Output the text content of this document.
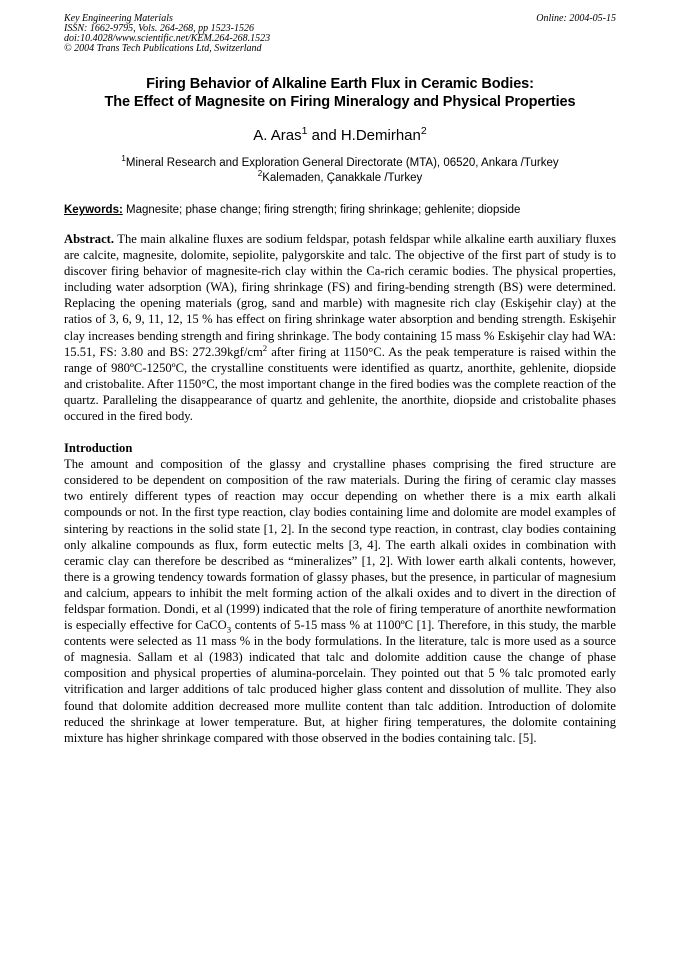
Key Engineering Materials
ISSN: 1662-9795, Vols. 264-268, pp 1523-1526
doi:10.4028/www.scientific.net/KEM.264-268.1523
© 2004 Trans Tech Publications Ltd, Switzerland
Online: 2004-05-15
Firing Behavior of Alkaline Earth Flux in Ceramic Bodies:
The Effect of Magnesite on Firing Mineralogy and Physical Properties
A. Aras$^1$ and H.Demirhan$^2$
$^1$Mineral Research and Exploration General Directorate (MTA), 06520, Ankara /Turkey
$^2$Kalemaden, Çanakkale /Turkey
Keywords: Magnesite; phase change; firing strength; firing shrinkage; gehlenite; diopside
Abstract. The main alkaline fluxes are sodium feldspar, potash feldspar while alkaline earth auxiliary fluxes are calcite, magnesite, dolomite, sepiolite, palygorskite and talc. The objective of the first part of study is to discover firing behavior of magnesite-rich clay within the Ca-rich ceramic bodies. The physical properties, including water adsorption (WA), firing shrinkage (FS) and firing-bending strength (BS) were determined. Replacing the opening materials (grog, sand and marble) with magnesite rich clay (Eskişehir clay) at the ratios of 3, 6, 9, 11, 12, 15 % has effect on firing shrinkage water absorption and bending strength. Eskişehir clay increases bending strength and firing shrinkage. The body containing 15 mass % Eskişehir clay had WA: 15.51, FS: 3.80 and BS: $272.39kgf/cm^2$ after firing at 1150°C. As the peak temperature is raised within the range of 980ºC-1250ºC, the crystalline constituents were identified as quartz, anorthite, gehlenite, diopside and cristobalite. After 1150°C, the most important change in the fired bodies was the complete reaction of the quartz. Paralleling the disappearance of quartz and gehlenite, the anorthite, diopside and cristobalite phases occured in the fired body.
Introduction
The amount and composition of the glassy and crystalline phases comprising the fired structure are considered to be dependent on composition of the raw materials. During the firing of ceramic clay masses two entirely different types of reaction may occur depending on whether there is a mix earth alkali compounds or not. In the first type reaction, clay bodies containing lime and dolomite are model examples of sintering by reactions in the solid state [1, 2]. In the second type reaction, in contrast, clay bodies containing only alkaline compounds as flux, form eutectic melts [3, 4]. The earth alkali oxides in combination with ceramic clay can therefore be described as “mineralizes” [1, 2]. With lower earth alkali contents, however, there is a growing tendency towards formation of glassy phases, but the presence, in particular of magnesium and calcium, appears to inhibit the melt forming action of the alkali oxides and to divert in the direction of feldspar formation. Dondi, et al (1999) indicated that the role of firing temperature of anorthite newformation is especially effective for CaCO$_3$ contents of 5-15 mass % at 1100ºC [1]. Therefore, in this study, the marble contents were selected as 11 mass % in the body formulations. In the literature, talc is more used as a source of magnesia. Sallam et al (1983) indicated that talc and dolomite addition cause the change of phase composition and physical properties of alumina-porcelain. They pointed out that 5 % talc promoted early vitrification and larger additions of talc produced higher glass content and dissolution of mullite. They also found that dolomite addition decreased more mullite content than talc addition. Introduction of dolomite reduced the shrinkage at lower temperature. But, at higher firing temperatures, the dolomite containing mixture has higher shrinkage compared with those observed in the bodies containing talc. [5].
